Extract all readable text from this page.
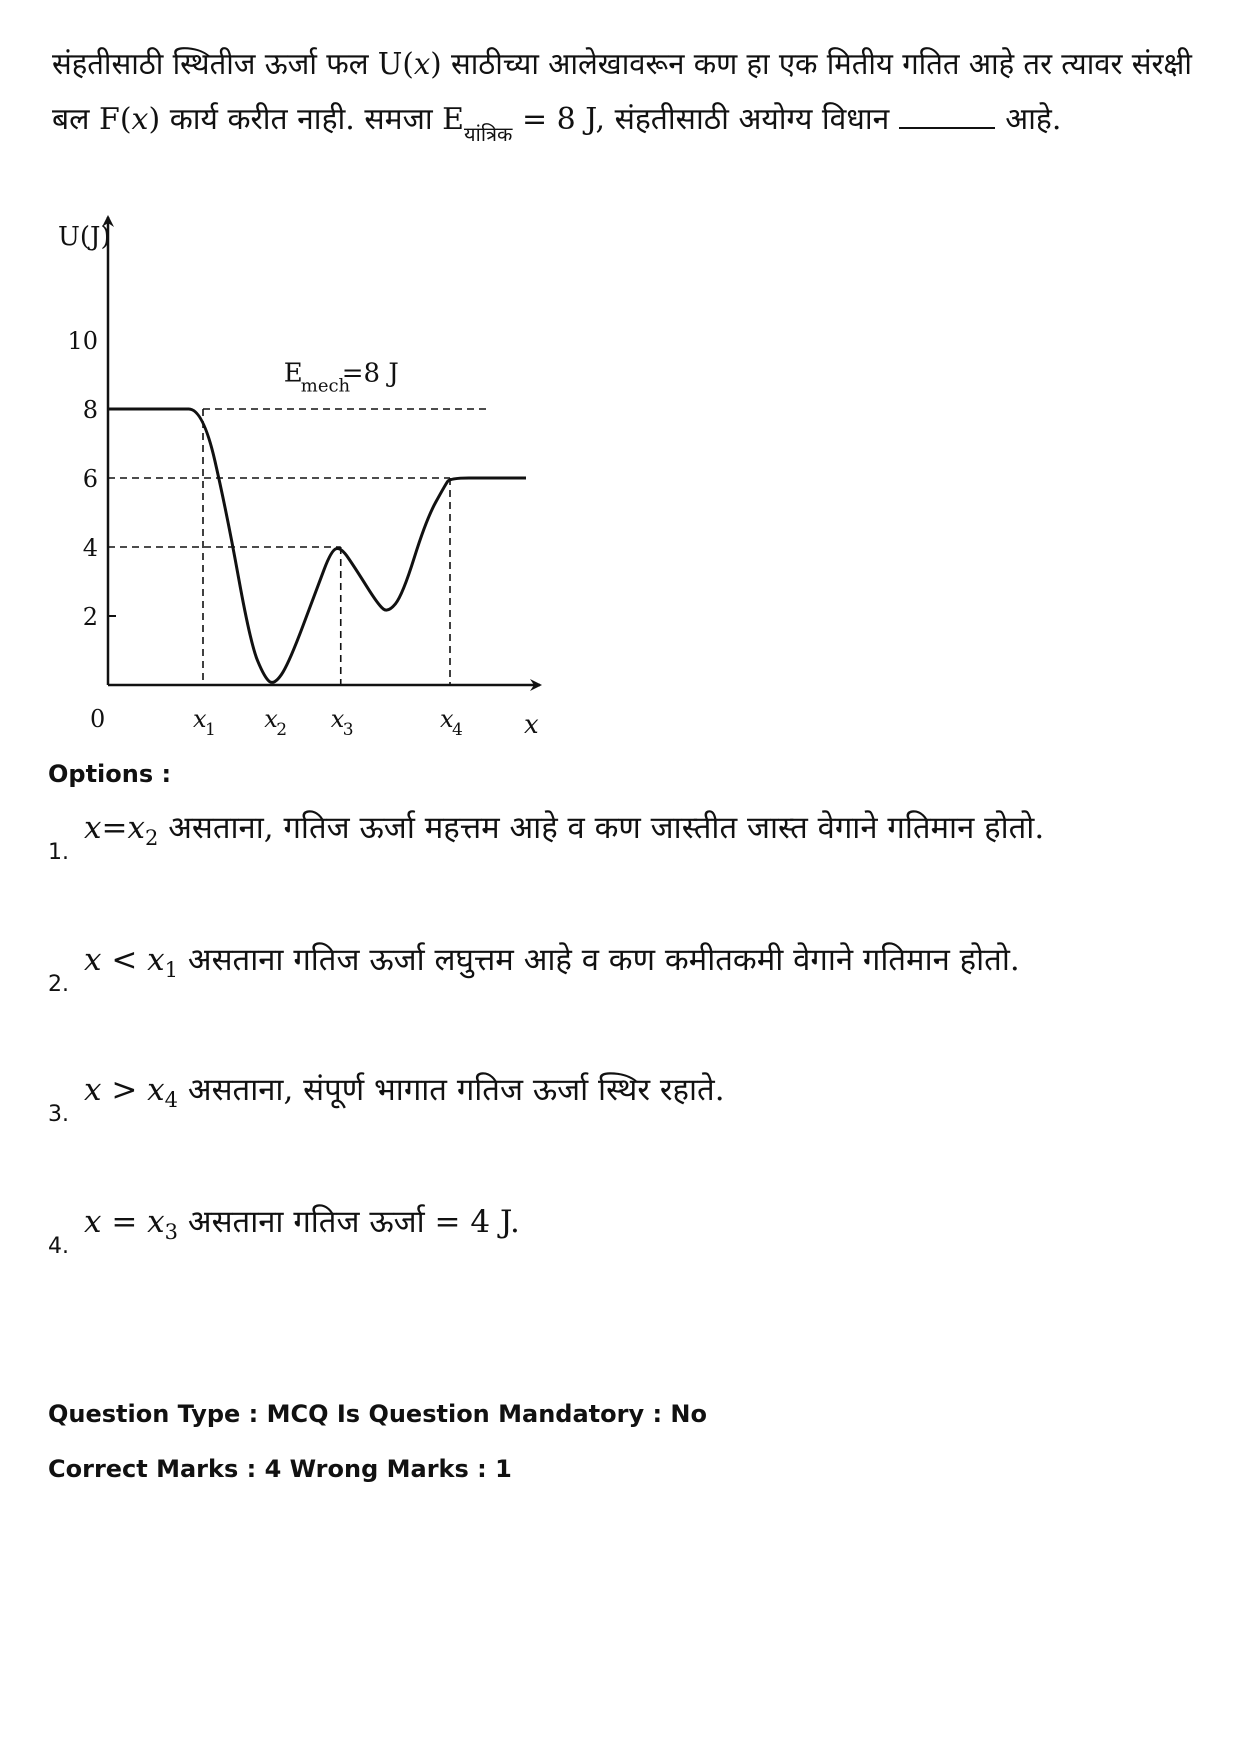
संहतीसाठी स्थितीज ऊर्जा फल U(x) साठीच्या आलेखावरून कण हा एक मितीय गतित आहे तर त्यावर संरक्षी
बल F(x) कार्य करीत नाही. समजा $E_{यांत्रिक} = 8$ J, संहतीसाठी अयोग्य विधान	आहे.
U(J)
x
0
10
8
6
4
2
x
1 x
2 x
3	x
4
E
mech
=8 J
Options :
1.
$x=x_2$ असताना, गतिज ऊर्जा महत्तम आहे व कण जास्तीत जास्त वेगाने गतिमान होतो.
2.
$x < x_1$ असताना गतिज ऊर्जा लघुत्तम आहे व कण कमीतकमी वेगाने गतिमान होतो.
3.
$x > x_4$ असताना, संपूर्ण भागात गतिज ऊर्जा स्थिर रहाते.
4.
$x = x_3$ असताना गतिज ऊर्जा = 4 J.
Question Type : MCQ Is Question Mandatory : No
Correct Marks : 4 Wrong Marks : 1
